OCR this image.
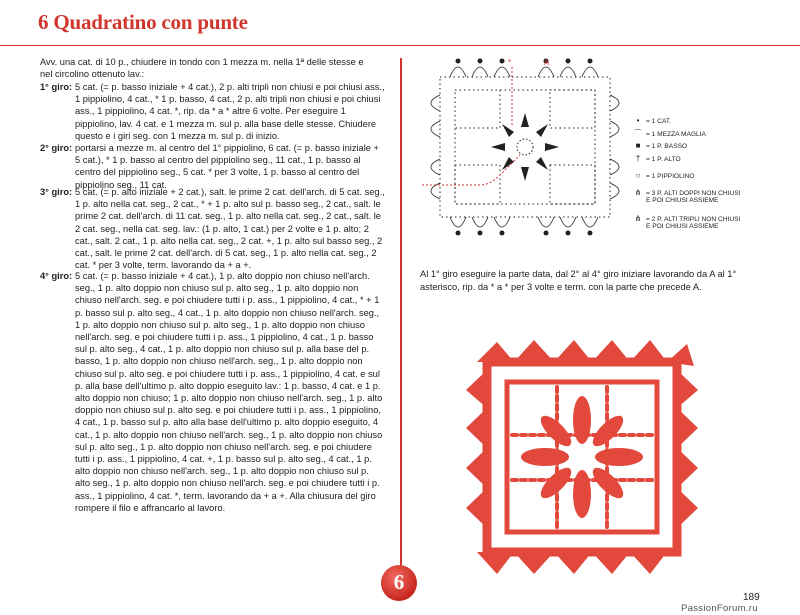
6 Quadratino con punte
Avv. una cat. di 10 p., chiudere in tondo con 1 mezza m. nella 1ª delle stesse e nel circolino ottenuto lav.:
1° giro: 5 cat. (= p. basso iniziale + 4 cat.), 2 p. alti tripli non chiusi e poi chiusi ass., 1 pippiolino, 4 cat., * 1 p. basso, 4 cat., 2 p. alti tripli non chiusi e poi chiusi ass., 1 pippiolino, 4 cat. *, rip. da * a * altre 6 volte. Per eseguire 1 pippiolino, lav. 4 cat. e 1 mezza m. sul p. alla base delle stesse. Chiudere questo e i giri seg. con 1 mezza m. sul p. di inizio.
2° giro: portarsi a mezze m. al centro del 1° pippiolino, 6 cat. (= p. basso iniziale + 5 cat.), * 1 p. basso al centro del pippiolino seg., 11 cat., 1 p. basso al centro del pippiolino seg., 5 cat. * per 3 volte, 1 p. basso al centro del pippiolino seg., 11 cat.
3° giro: 5 cat. (= p. alto iniziale + 2 cat.), salt. le prime 2 cat. dell'arch. di 5 cat. seg., 1 p. alto nella cat. seg., 2 cat., * + 1 p. alto sul p. basso seg., 2 cat., salt. le prime 2 cat. dell'arch. di 11 cat. seg., 1 p. alto nella cat. seg., 2 cat., salt. le 2 cat. seg., nella cat. seg. lav.: (1 p. alto, 1 cat.) per 2 volte e 1 p. alto; 2 cat., salt. 2 cat., 1 p. alto nella cat. seg., 2 cat. +, 1 p. alto sul basso seg., 2 cat., salt. le prime 2 cat. dell'arch. di 5 cat. seg., 1 p. alto nella cat. seg., 2 cat. * per 3 volte, term. lavorando da + a +.
4° giro: 5 cat. (= p. basso iniziale + 4 cat.), 1 p. alto doppio non chiuso nell'arch. seg., 1 p. alto doppio non chiuso sul p. alto seg., 1 p. alto doppio non chiuso nell'arch. seg. e poi chiudere tutti i p. ass., 1 pippiolino, 4 cat., * + 1 p. basso sul p. alto seg., 4 cat., 1 p. alto doppio non chiuso nell'arch. seg., 1 p. alto doppio non chiuso sul p. alto seg., 1 p. alto doppio non chiuso nell'arch. seg. e poi chiudere tutti i p. ass., 1 pippiolino, 4 cat., 1 p. basso sul p. alto seg., 4 cat., 1 p. alto doppio non chiuso sul p. alla base del p. basso, 1 p. alto doppio non chiuso nell'arch. seg., 1 p. alto doppio non chiuso sul p. alto seg. e poi chiudere tutti i p. ass., 1 pippiolino, 4 cat. e sul p. alla base dell'ultimo p. alto doppio eseguito lav.: 1 p. basso, 4 cat. e 1 p. alto doppio non chiuso; 1 p. alto doppio non chiuso nell'arch. seg., 1 p. alto doppio non chiuso sul p. alto seg. e poi chiudere tutti i p. ass., 1 pippiolino, 4 cat., 1 p. basso sul p. alto alla base dell'ultimo p. alto doppio eseguito, 4 cat., 1 p. alto doppio non chiuso nell'arch. seg., 1 p. alto doppio non chiuso sul p. alto seg., 1 p. alto doppio non chiuso nell'arch. seg. e poi chiudere tutti i p. ass., 1 pippiolino, 4 cat. +, 1 p. basso sul p. alto seg., 4 cat., 1 p. alto doppio non chiuso nell'arch. seg., 1 p. alto doppio non chiuso sul p. alto seg., 1 p. alto doppio non chiuso nell'arch. seg. e poi chiudere tutti i p. ass., 1 pippiolino, 4 cat. *, term. lavorando da + a +. Alla chiusura del giro rompere il filo e affrancarlo al lavoro.
6
*	A
• = 1 CAT.
⌒ = 1 MEZZA MAGLIA
■ = 1 P. BASSO
† = 1 P. ALTO
○ = 1 PIPPIOLINO
⋔ = 3 P. ALTI DOPPI NON CHIUSI
E POI CHIUSI ASSIEME
⋔ = 2 P. ALTI TRIPLI NON CHIUSI
E POI CHIUSI ASSIEME
Al 1° giro eseguire la parte data, dal 2° al 4° giro iniziare lavorando da A al 1° asterisco, rip. da * a * per 3 volte e term. con la parte che precede A.
189
PassionForum.ru
